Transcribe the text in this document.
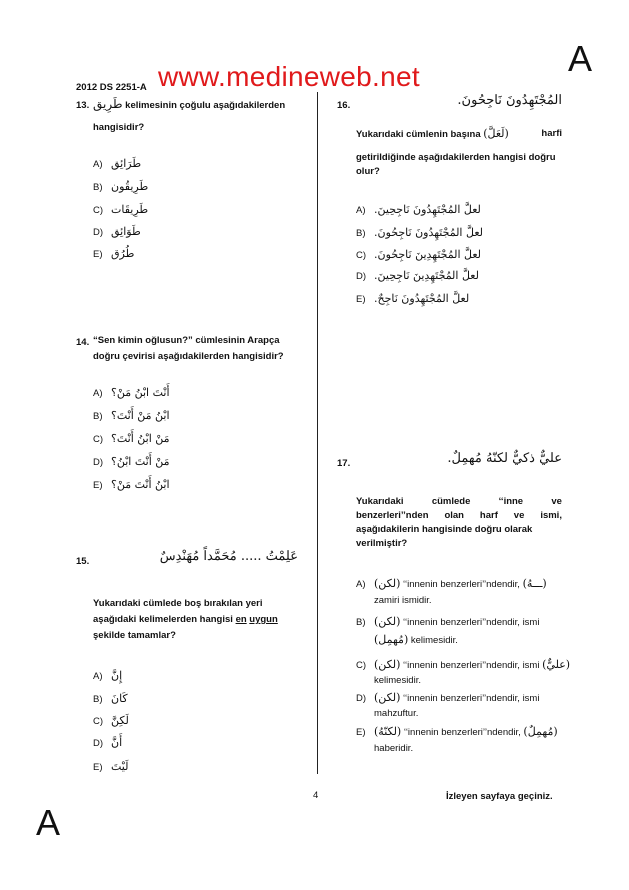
A
2012 DS 2251-A www.medineweb.net
13. طَرِيق kelimesinin çoğulu aşağıdakilerden
hangisidir?
A) طَرَائِق
B) طَرِيقُون
C) طَرِيقَات
D) طَوَائِق
E) طُرُق
14. “Sen kimin oğlusun?” cümlesinin Arapça
doğru çevirisi aşağıdakilerden hangisidir?
A) أَنْتَ ابْنُ مَنْ؟
B) ابْنُ مَنْ أَنْتَ؟
C) مَنْ ابْنُ أَنْتَ؟
D) مَنْ أَنْتَ ابْنُ؟
E) ابْنُ أَنْتَ مَنْ؟
15.	عَلِمْتُ ..... مُحَمَّداً مُهَنْدِسٌ
Yukarıdaki cümlede boş bırakılan yeri
aşağıdaki kelimelerden hangisi en uygun
şekilde tamamlar?
A) إِنَّ
B) كَانَ
C) لَكِنَّ
D) أَنَّ
E) لَيْتَ
16.	المُجْتَهِدُونَ نَاجِحُونَ.
Yukarıdaki cümlenin başına (لَعَلَّ)	harfi
getirildiğinde aşağıdakilerden hangisi doğru
olur?
A) لعلَّ المُجْتَهِدُونَ نَاجِحِينَ.
B) لعلَّ المُجْتَهِدُونَ نَاجِحُونَ.
C) لعلَّ المُجْتَهِدِينَ نَاجِحُونَ.
D) لعلَّ المُجْتَهِدِينَ نَاجِحِينَ.
E) لعلَّ المُجْتَهِدُونَ نَاجِحٌ.
17.	عليٌّ ذكيٌّ لكنّهُ مُهمِلٌ.
Yukarıdaki	cümlede	‘‘inne	ve
benzerleri’’nden olan harf ve ismi,
aşağıdakilerin hangisinde doğru olarak
verilmiştir?
A) (لكن) ‘‘innenin benzerleri’’ndendir, (ـــهُ)
zamiri ismidir.
B) (لكن) ‘‘innenin benzerleri’’ndendir, ismi
(مُهمِل) kelimesidir.
C) (لكن) ‘‘innenin benzerleri’’ndendir, ismi (عليٌّ)
kelimesidir.
D) (لكن) ‘‘innenin benzerleri’’ndendir, ismi
mahzuftur.
E) (لكنّهُ) ‘‘innenin benzerleri’’ndendir, (مُهمِلٌ)
haberidir.
4	İzleyen sayfaya geçiniz.
A
